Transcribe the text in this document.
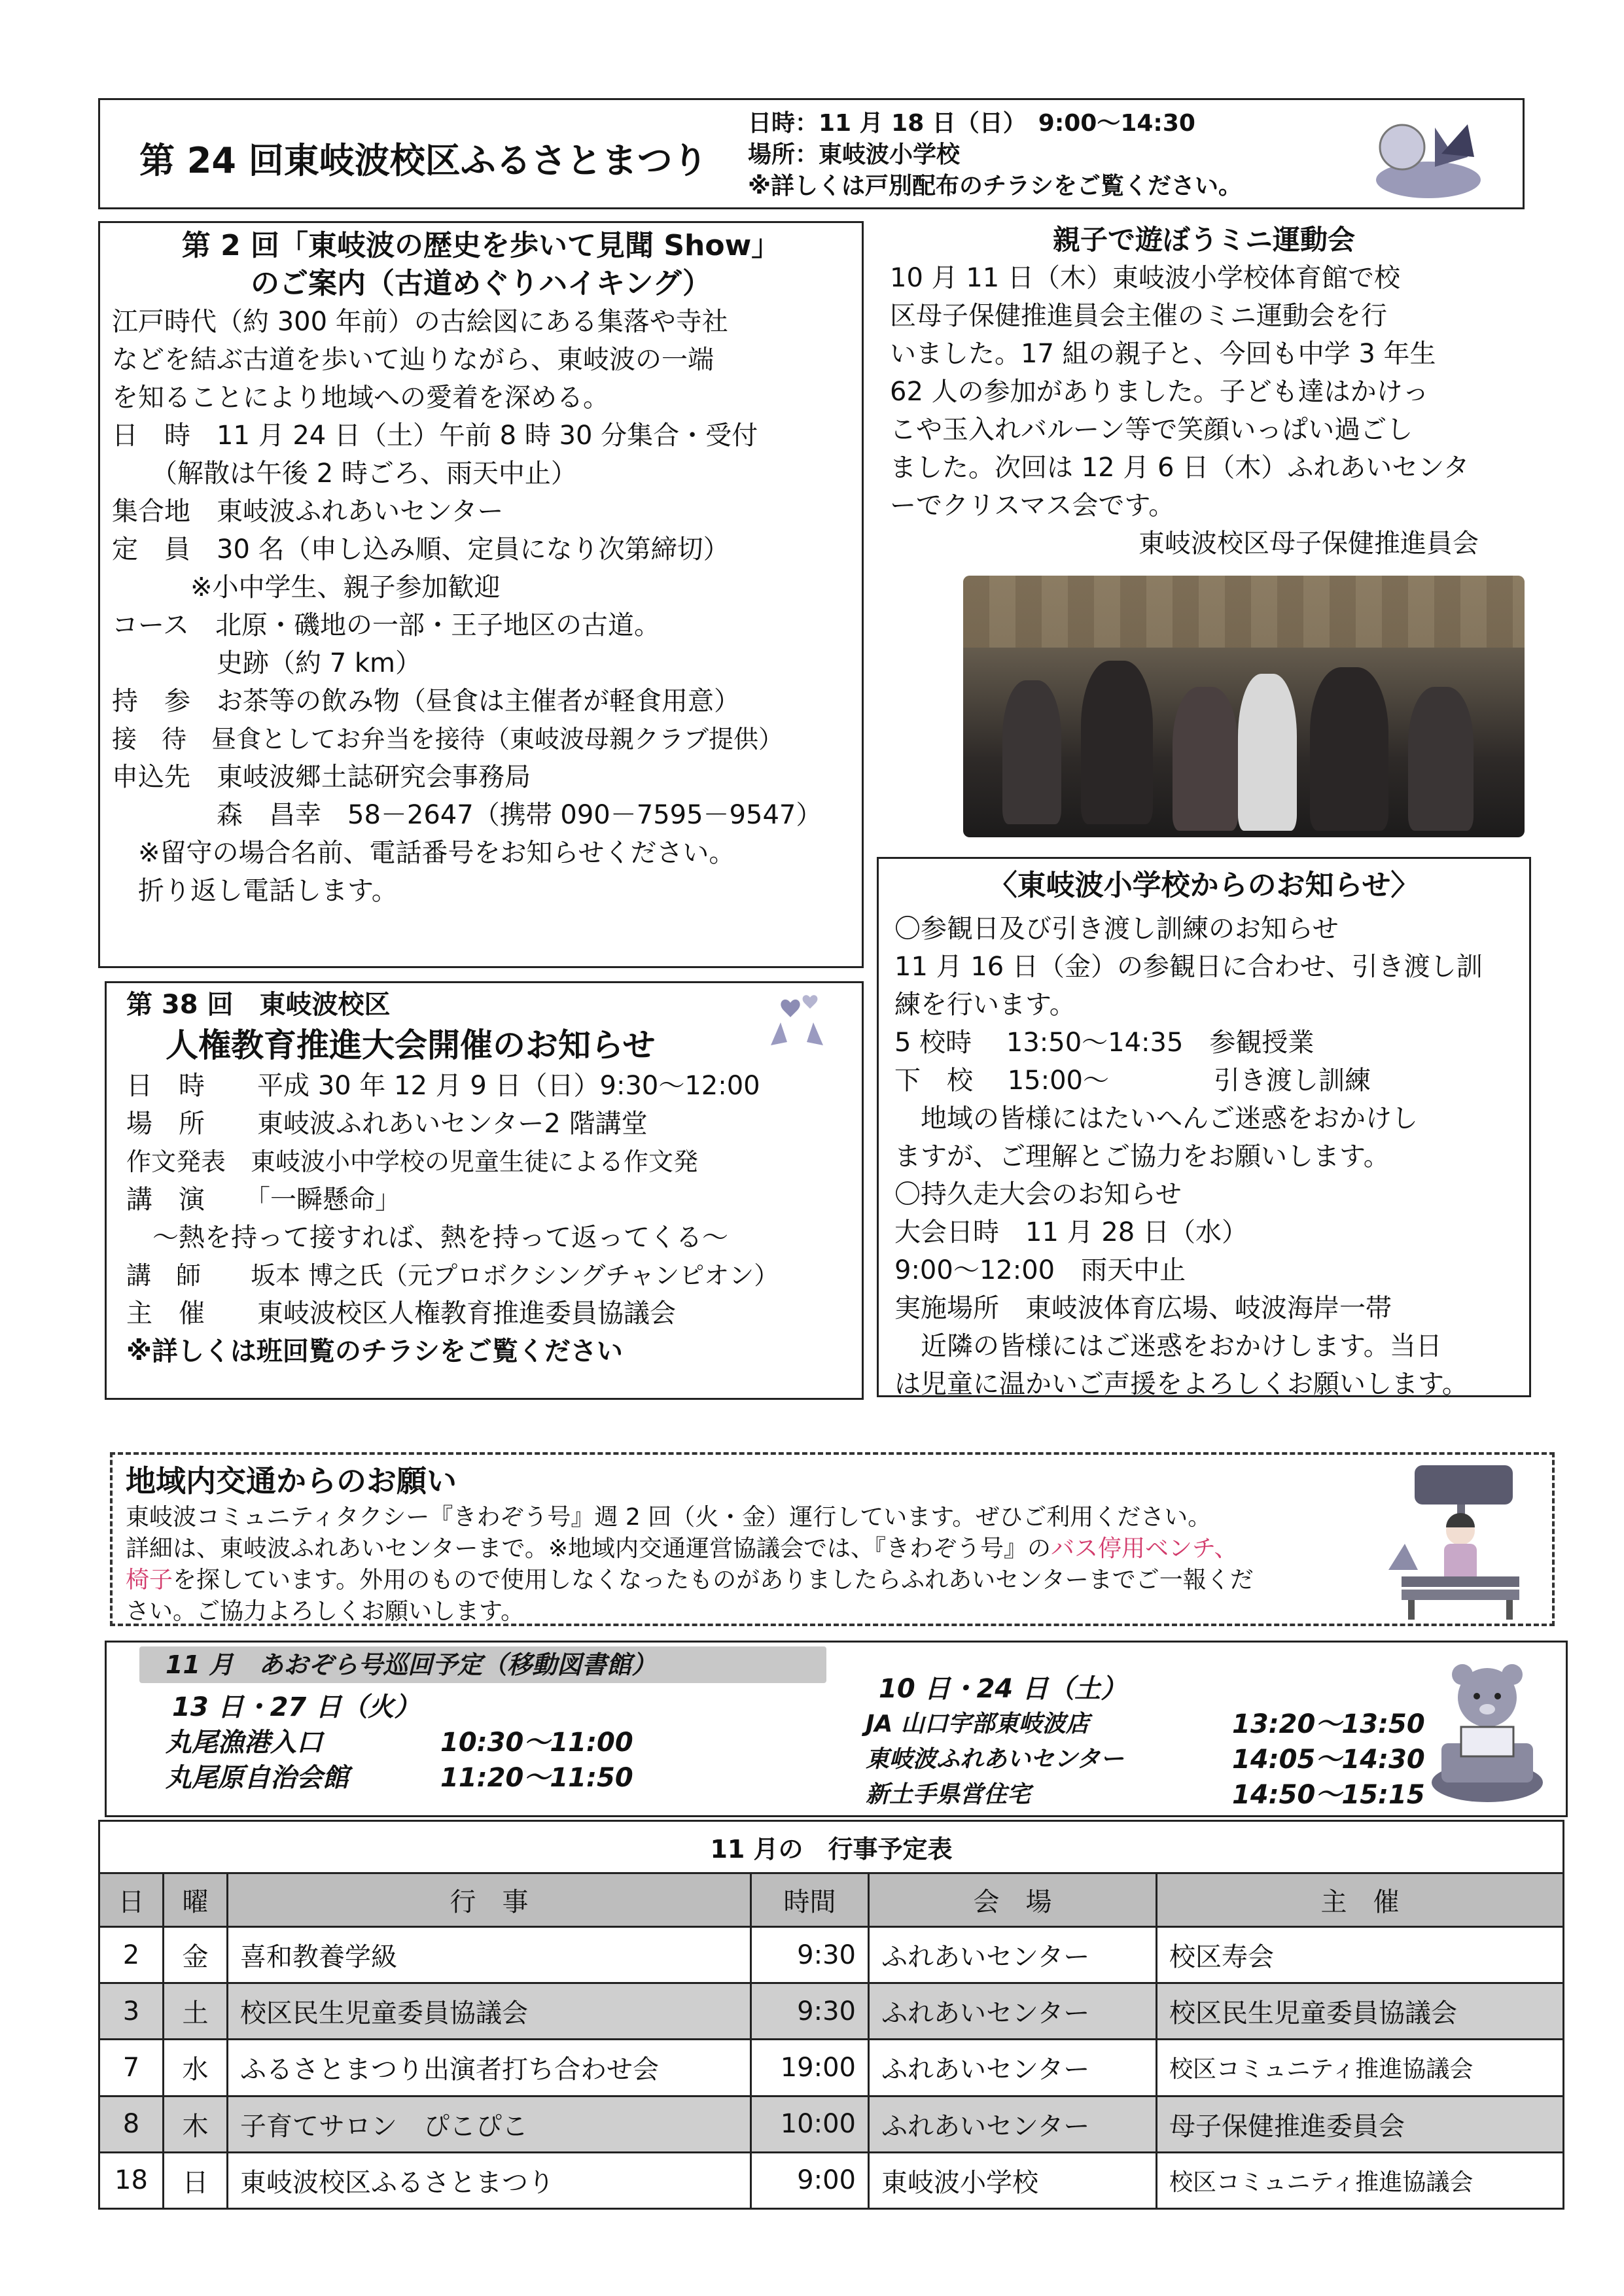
第 24 回東岐波校区ふるさとまつり
日時：11 月 18 日（日）　9:00〜14:30
場所：東岐波小学校
※詳しくは戸別配布のチラシをご覧ください。

第 2 回「東岐波の歴史を歩いて見聞 Show」

のご案内（古道めぐりハイキング）

江戸時代（約 300 年前）の古絵図にある集落や寺社

などを結ぶ古道を歩いて辿りながら、東岐波の一端

を知ることにより地域への愛着を深める。

日　時　11 月 24 日（土）午前 8 時 30 分集合・受付

　　（解散は午後 2 時ごろ、雨天中止）

集合地　東岐波ふれあいセンター

定　員　30 名（申し込み順、定員になり次第締切）

　　　※小中学生、親子参加歓迎

コース　北原・磯地の一部・王子地区の古道。

　　　　史跡（約 7 km）

持　参　お茶等の飲み物（昼食は主催者が軽食用意）

接　待　昼食としてお弁当を接待（東岐波母親クラブ提供）

申込先　東岐波郷土誌研究会事務局

　　　　森　昌幸　58－2647（携帯 090－7595－9547）

　※留守の場合名前、電話番号をお知らせください。

　折り返し電話します。

親子で遊ぼうミニ運動会

10 月 11 日（木）東岐波小学校体育館で校

区母子保健推進員会主催のミニ運動会を行

いました。17 組の親子と、今回も中学 3 年生

62 人の参加がありました。子ども達はかけっ

こや玉入れバルーン等で笑顔いっぱい過ごし

ました。次回は 12 月 6 日（木）ふれあいセンタ

ーでクリスマス会です。

東岐波校区母子保健推進員会

第 38 回　東岐波校区

人権教育推進大会開催のお知らせ

日　時　　平成 30 年 12 月 9 日（日）9:30〜12:00

場　所　　東岐波ふれあいセンター2 階講堂

作文発表　東岐波小中学校の児童生徒による作文発

講　演　　「一瞬懸命」

　～熱を持って接すれば、熱を持って返ってくる～

講　師　　坂本 博之氏（元プロボクシングチャンピオン）

主　催　　東岐波校区人権教育推進委員協議会

※詳しくは班回覧のチラシをご覧ください

〈東岐波小学校からのお知らせ〉

〇参観日及び引き渡し訓練のお知らせ

11 月 16 日（金）の参観日に合わせ、引き渡し訓

練を行います。

5 校時　 13:50〜14:35　参観授業

下　校　 15:00〜　　　　引き渡し訓練

　地域の皆様にはたいへんご迷惑をおかけし

ますが、ご理解とご協力をお願いします。

〇持久走大会のお知らせ

大会日時　11 月 28 日（水）

9:00〜12:00　雨天中止

実施場所　東岐波体育広場、岐波海岸一帯

　近隣の皆様にはご迷惑をおかけします。当日

は児童に温かいご声援をよろしくお願いします。

地域内交通からのお願い

東岐波コミュニティタクシー『きわぞう号』週 2 回（火・金）運行しています。ぜひご利用ください。

詳細は、東岐波ふれあいセンターまで。※地域内交通運営協議会では、『きわぞう号』のバス停用ベンチ、

椅子を探しています。外用のもので使用しなくなったものがありましたらふれあいセンターまでご一報くだ

さい。ご協力よろしくお願いします。

11 月　あおぞら号巡回予定（移動図書館）

13 日・27 日（火）

丸尾漁港入口	10:30〜11:00

丸尾原自治会館	11:20〜11:50

10 日・24 日（土）

JA 山口宇部東岐波店	13:20〜13:50

東岐波ふれあいセンター	14:05〜14:30

新土手県営住宅	14:50〜15:15

11 月の　行事予定表					
日	曜	行　事	時間	会　場	主　催
2	金	喜和教養学級	9:30	ふれあいセンター	校区寿会
3	土	校区民生児童委員協議会	9:30	ふれあいセンター	校区民生児童委員協議会
7	水	ふるさとまつり出演者打ち合わせ会	19:00	ふれあいセンター	校区コミュニティ推進協議会
8	木	子育てサロン　ぴこぴこ	10:00	ふれあいセンター	母子保健推進委員会
18	日	東岐波校区ふるさとまつり	9:00	東岐波小学校	校区コミュニティ推進協議会
